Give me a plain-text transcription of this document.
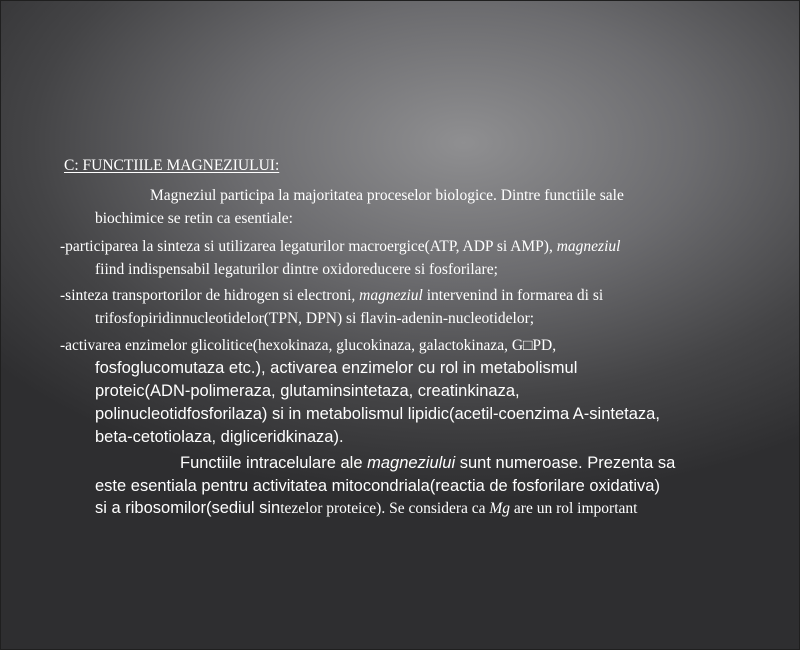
C: FUNCTIILE MAGNEZIULUI:
Magneziul participa la majoritatea proceselor biologice. Dintre functiile sale
biochimice se retin ca esentiale:
-participarea la sinteza si utilizarea legaturilor macroergice(ATP, ADP si AMP), magneziul
fiind indispensabil legaturilor dintre oxidoreducere si fosforilare;
-sinteza transportorilor de hidrogen si electroni, magneziul intervenind in formarea di si
trifosfopiridinnucleotidelor(TPN, DPN) si flavin-adenin-nucleotidelor;
-activarea enzimelor glicolitice(hexokinaza, glucokinaza, galactokinaza, G□PD,
fosfoglucomutaza etc.), activarea enzimelor cu rol in metabolismul
proteic(ADN-polimeraza, glutaminsintetaza, creatinkinaza,
polinucleotidfosforilaza) si in metabolismul lipidic(acetil-coenzima A-sintetaza,
beta-cetotiolaza, digliceridkinaza).
Functiile intracelulare ale magneziului sunt numeroase. Prezenta sa
este esentiala pentru activitatea mitocondriala(reactia de fosforilare oxidativa)
si a ribosomilor(sediul sintezelor proteice). Se considera ca Mg are un rol important
